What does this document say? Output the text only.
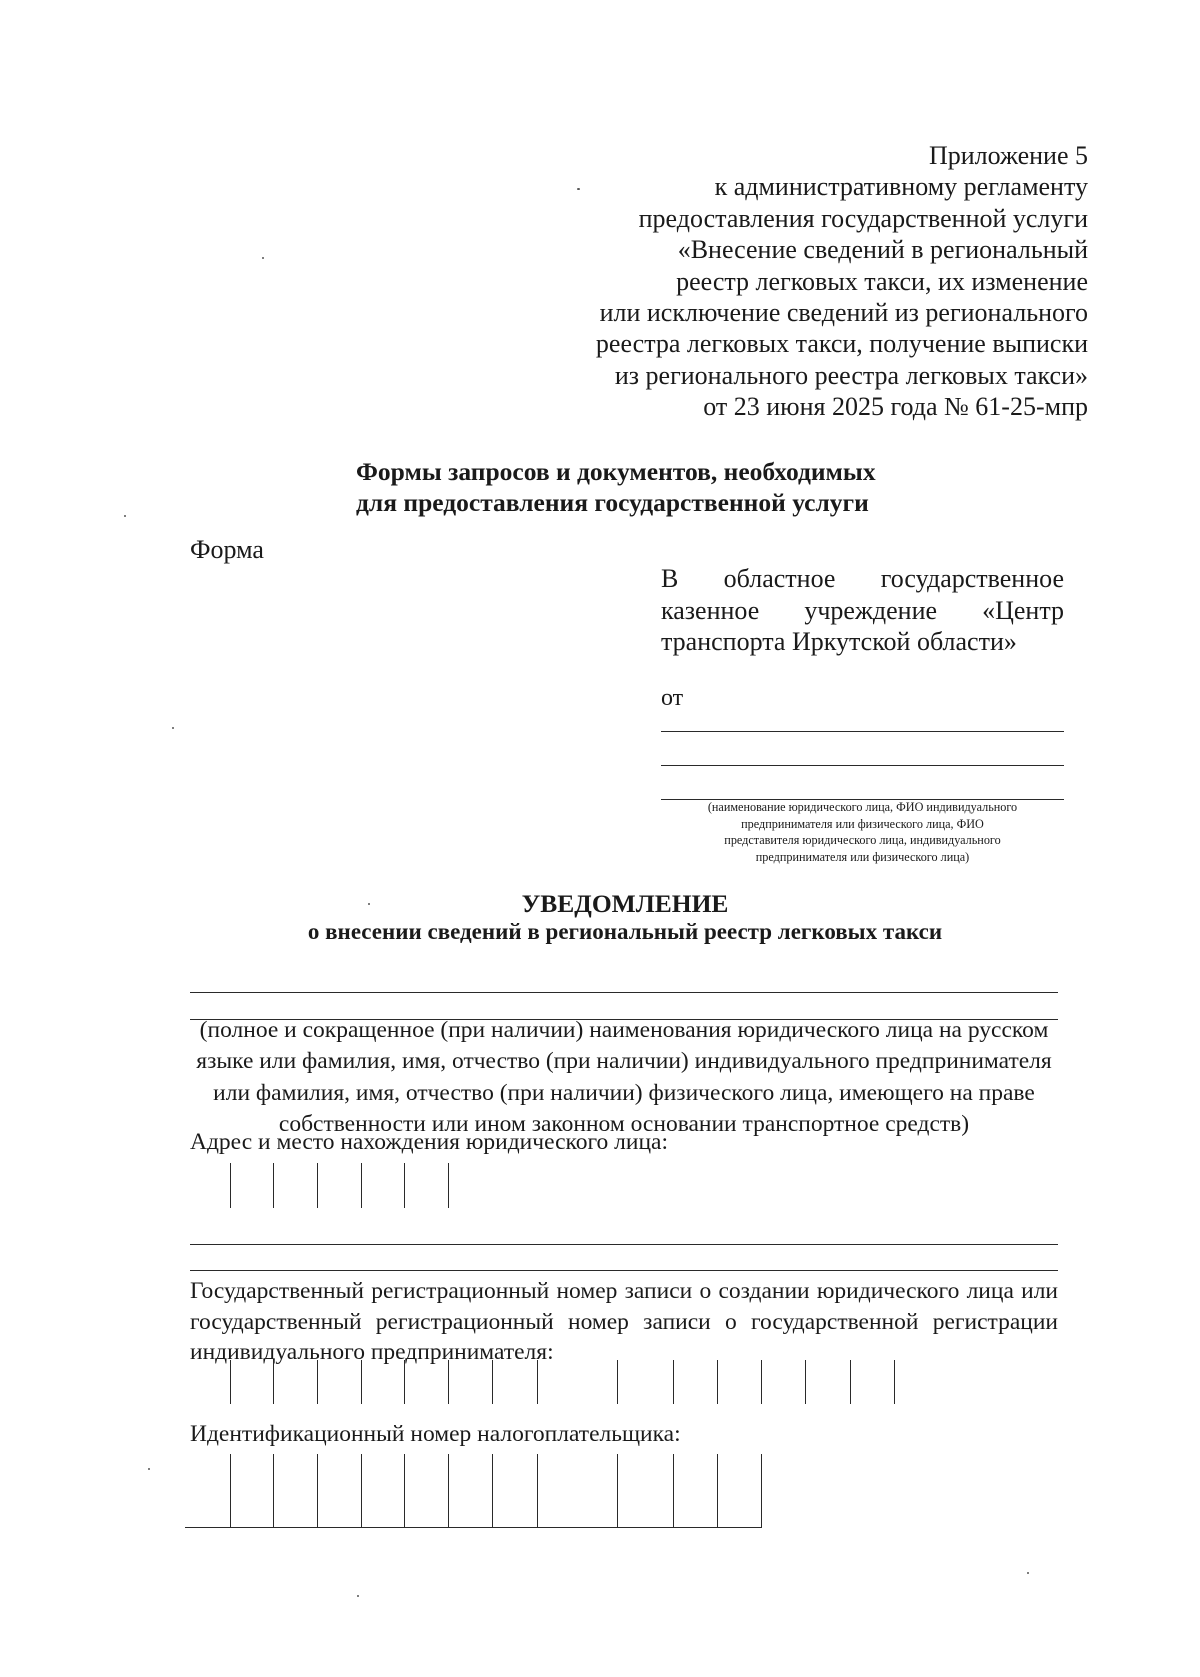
Приложение 5
к административному регламенту
предоставления государственной услуги
«Внесение сведений в региональный
реестр легковых такси, их изменение
или исключение сведений из регионального
реестра легковых такси, получение выписки
из регионального реестра легковых такси»
от 23 июня 2025 года № 61-25-мпр
Формы запросов и документов, необходимых
для предоставления государственной услуги
Форма
В областное государственное
казенное учреждение «Центр
транспорта Иркутской области»
от
(наименование юридического лица, ФИО индивидуального
предпринимателя или физического лица, ФИО
представителя юридического лица, индивидуального
предпринимателя или физического лица)
УВЕДОМЛЕНИЕ
о внесении сведений в региональный реестр легковых такси
(полное и сокращенное (при наличии) наименования юридического лица на русском
языке или фамилия, имя, отчество (при наличии) индивидуального предпринимателя
или фамилия, имя, отчество (при наличии) физического лица, имеющего на праве
собственности или ином законном основании транспортное средств)
Адрес и место нахождения юридического лица:
Государственный регистрационный номер записи о создании юридического лица или
государственный регистрационный номер записи о государственной регистрации
индивидуального предпринимателя:
Идентификационный номер налогоплательщика:
